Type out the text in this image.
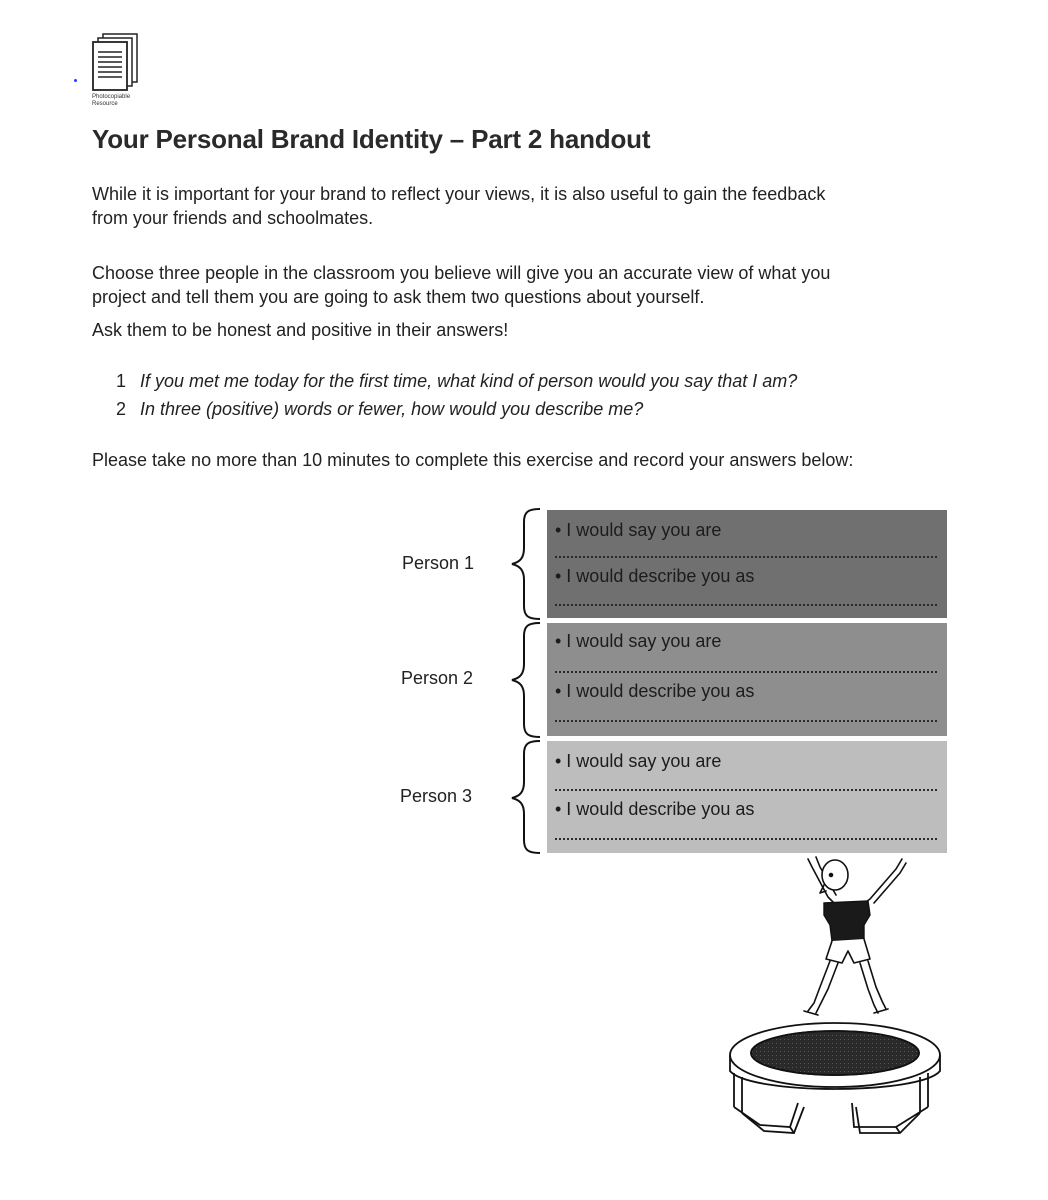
Photocopiable
Resource
Your Personal Brand Identity – Part 2 handout
While it is important for your brand to reflect your views, it is also useful to gain the feedback
from your friends and schoolmates.
Choose three people in the classroom you believe will give you an accurate view of what you
project and tell them you are going to ask them two questions about yourself.
Ask them to be honest and positive in their answers!
1 If you met me today for the first time, what kind of person would you say that I am?
2 In three (positive) words or fewer, how would you describe me?
Please take no more than 10 minutes to complete this exercise and record your answers below:
Person 1
Person 2
Person 3
• I would say you are
• I would describe you as
• I would say you are
• I would describe you as
• I would say you are
• I would describe you as
